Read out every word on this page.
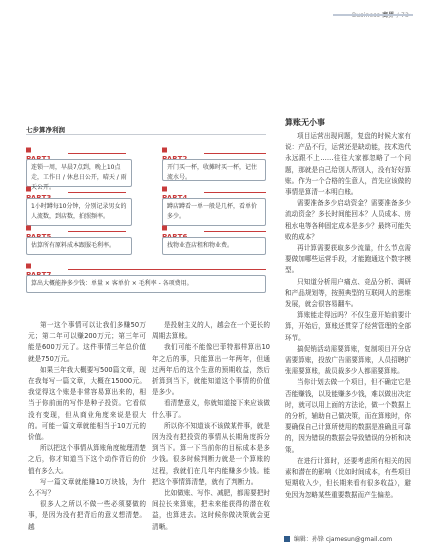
七步算净利润
连锁一周，早晨7点到，晚上10点走，工作日 / 休息日公开，晴天 / 雨天公开。
开门买一杯，收摊时买一杯，记住流水号。
1小时蹲每10分钟，分别记录男女的人流数，到店数，拍照频率。
蹲店蹲看一单一般是几杯，看单价多少。
估算所有原料成本跟服毛利率。	找物业查店租和物业费。
算出大概能挣多少钱：单量 × 客单价 × 毛利率 - 各项费用。

第一这个事情可以让我们多赚50万元；第二年可以赚200万元；第三年可能是600万元了。这件事情三年总价值就是750万元。

如果三年我大概要写500篇文章，现在我每写一篇文章，大概在15000元。我觉得这个账是非常容易算出来的，相当于你前面的写作是种子投资。它看似没有变现，但从商业角度来说是很大的。可能一篇文章就能相当于10万元的价值。

所以把这个事情从算账角度梳理清楚之后，你才知道当下这个动作背后的价值有多么大。

写一篇文章就能赚10万块钱，为什么不写？

很多人之所以不做一些必须要做的事，是因为没有把背后的意义想清楚。越

是投射主义的人，越会在一个更长的周期去算账。

我们可能不能像巴菲特那样算出10年之后的事，只能算出一年两年，但通过两年后的这个生意的预期收益，然后折算到当下，就能知道这个事情的价值是多少。

看清楚意义，你就知道接下来应该做什么事了。

所以你不知道该不该做某件事，就是因为没有把投资的事情从长期角度拆分到当下。算一下当前你的目标成本是多少钱。很多时候判断力就是一个算账的过程，我就们在几年内能赚多少钱。能把这个事情算清楚，就有了判断力。

比如做账、写作、减肥，都需要把时间拉长来算账，把未来能获得的潜在收益，也算进去。这时候你做决策就会更清晰。

算账无小事

项目运营出现问题，复盘的时候大家有说：产品不行，运营还是缺动能，技术迭代永远跟不上……往往大家都忽略了一个问题，那就是自己给别人帮别人，没有好好算账。作为一个合格的生意人，首先应该做的事情是算清一本明白账。

需要准备多少启动资金？需要准备多少流动资金？多长时间能回本？人员成本、房租水电等各种固定成本是多少？最终可能失败的成本？

再计算需要获取多少流量，什么节点需要做加哪些运营手段，才能跑通这个数字模型。

只知道分析用户痛点、竞品分析、调研和产品规划等，按照典型的互联网人的思维发展，就会很容易翻车。

算账能走得远吗？不仅生意开始前要计算，开始后，算账还贯穿了经营管理的全部环节。

搞促销活动需要算账，复制项目开分店需要算账，投放广告需要算账，人员招聘扩张需要算账，裁员裁多少人都需要算账。

当你计划去做一个项目，但不确定它是否能赚钱，以及能赚多少钱，难以做出决定时，就可以用上面的方法论，做一个数据上的分析，辅助自己做决策，而在算账时，你要确保自己计算所使用的数据是准确且可靠的，因为错误的数据会导致错误的分析和决策。

在进行计算时，还要考虑所有相关的因素和潜在的影响（比如时间成本，有些项目短期收入少，但长期来看有很多收益），避免因为忽略某些重要数据而产生偏差。

编辑：孙锋 cjamesun@gmail.com
